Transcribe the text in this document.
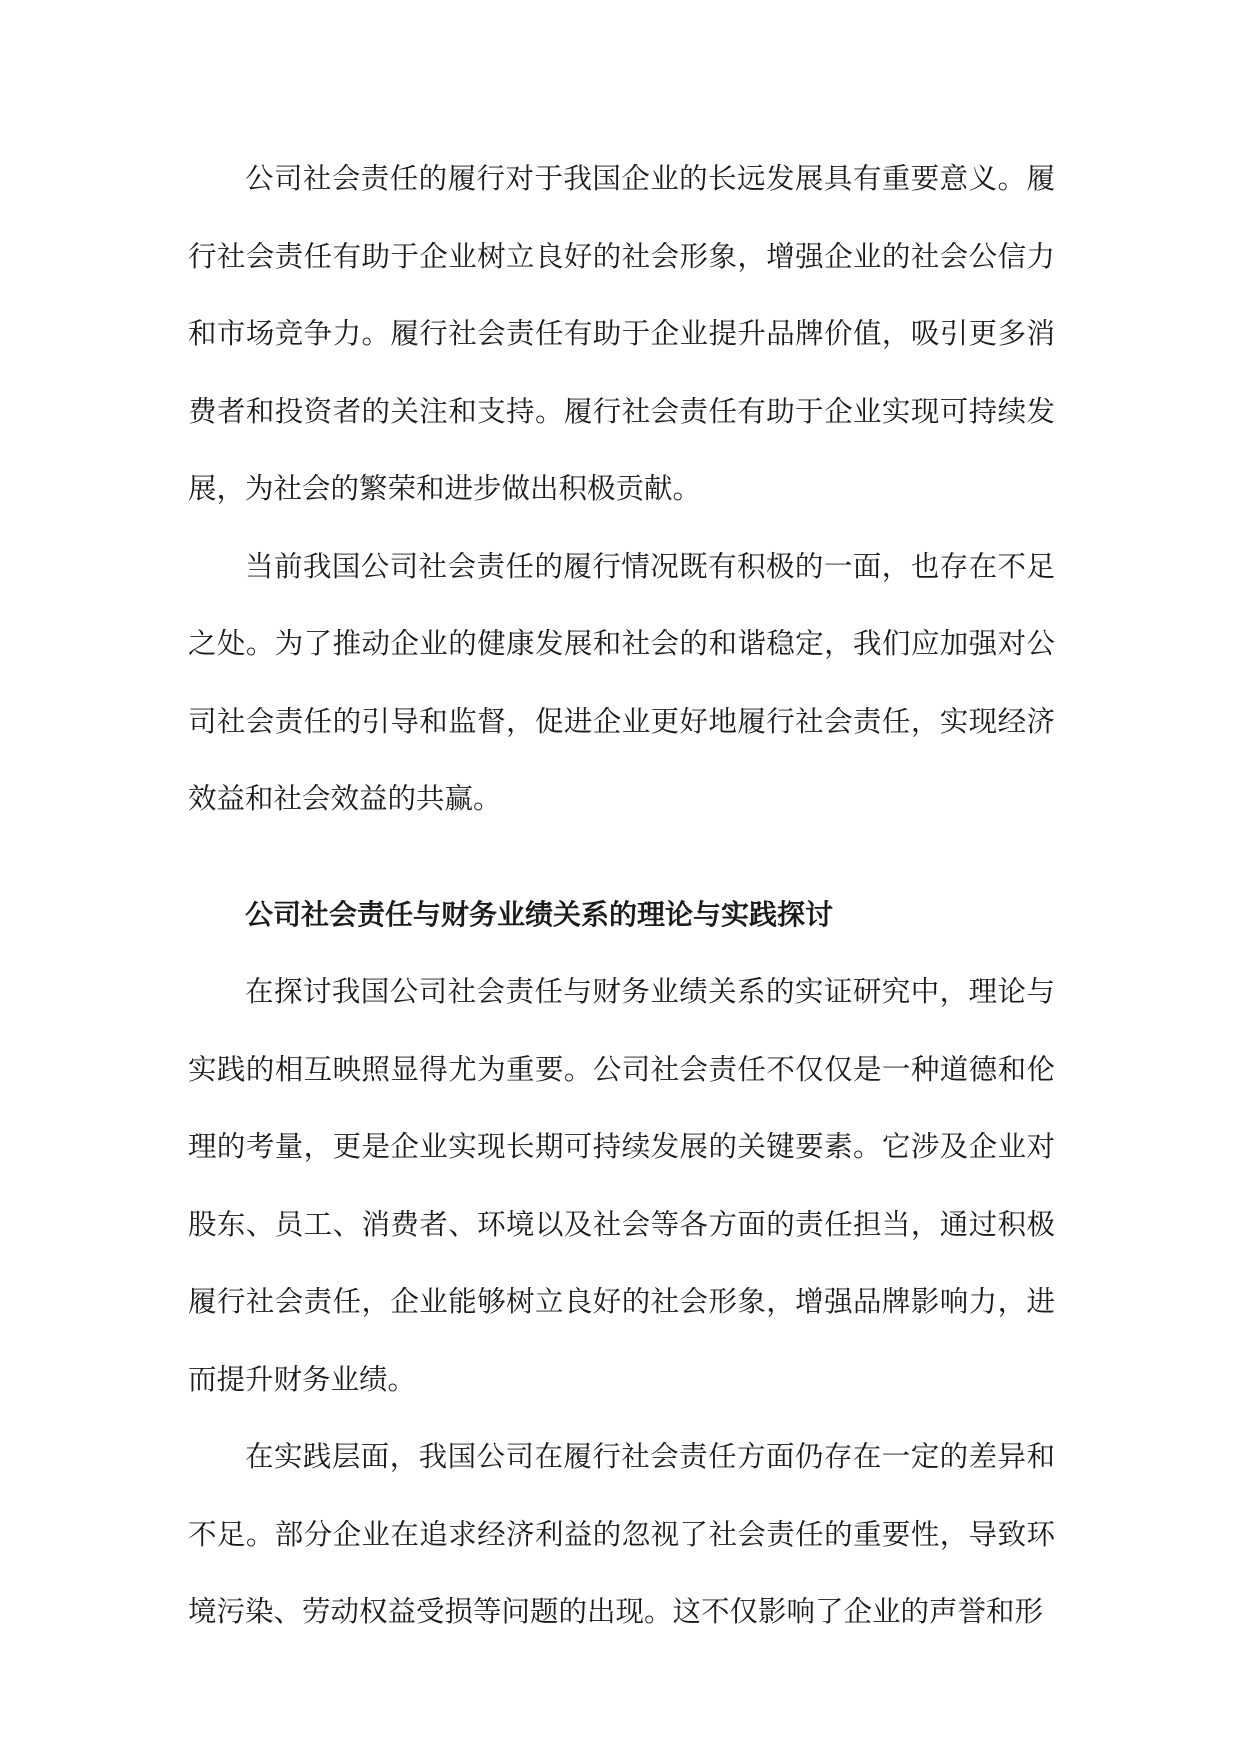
公司社会责任的履行对于我国企业的长远发展具有重要意义。履行社会责任有助于企业树立良好的社会形象，增强企业的社会公信力和市场竞争力。履行社会责任有助于企业提升品牌价值，吸引更多消费者和投资者的关注和支持。履行社会责任有助于企业实现可持续发展，为社会的繁荣和进步做出积极贡献。

当前我国公司社会责任的履行情况既有积极的一面，也存在不足之处。为了推动企业的健康发展和社会的和谐稳定，我们应加强对公司社会责任的引导和监督，促进企业更好地履行社会责任，实现经济效益和社会效益的共赢。

公司社会责任与财务业绩关系的理论与实践探讨

在探讨我国公司社会责任与财务业绩关系的实证研究中，理论与实践的相互映照显得尤为重要。公司社会责任不仅仅是一种道德和伦理的考量，更是企业实现长期可持续发展的关键要素。它涉及企业对股东、员工、消费者、环境以及社会等各方面的责任担当，通过积极履行社会责任，企业能够树立良好的社会形象，增强品牌影响力，进而提升财务业绩。

在实践层面，我国公司在履行社会责任方面仍存在一定的差异和不足。部分企业在追求经济利益的忽视了社会责任的重要性，导致环境污染、劳动权益受损等问题的出现。这不仅影响了企业的声誉和形
